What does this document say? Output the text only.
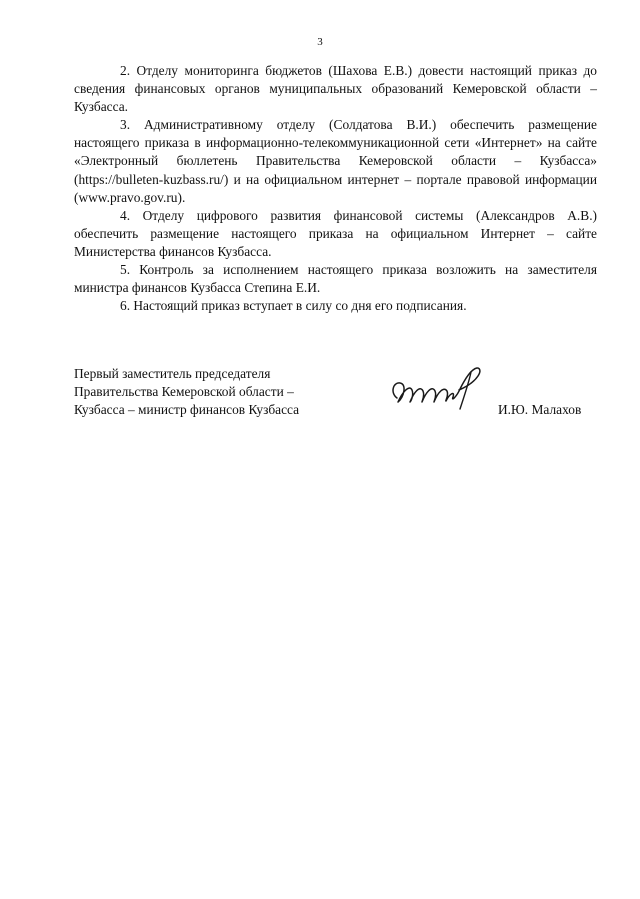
3

2. Отделу мониторинга бюджетов (Шахова Е.В.) довести настоящий приказ до сведения финансовых органов муниципальных образований Кемеровской области – Кузбасса.

3. Административному отделу (Солдатова В.И.) обеспечить размещение настоящего приказа в информационно-телекоммуникационной сети «Интернет» на сайте «Электронный бюллетень Правительства Кемеровской области – Кузбасса» (https://bulleten-kuzbass.ru/) и на официальном интернет – портале правовой информации (www.pravo.gov.ru).

4. Отделу цифрового развития финансовой системы (Александров А.В.) обеспечить размещение настоящего приказа на официальном Интернет – сайте Министерства финансов Кузбасса.

5. Контроль за исполнением настоящего приказа возложить на заместителя министра финансов Кузбасса Степина Е.И.

6. Настоящий приказ вступает в силу со дня его подписания.

Первый заместитель председателя
Правительства Кемеровской области –
Кузбасса – министр финансов Кузбасса	И.Ю. Малахов
